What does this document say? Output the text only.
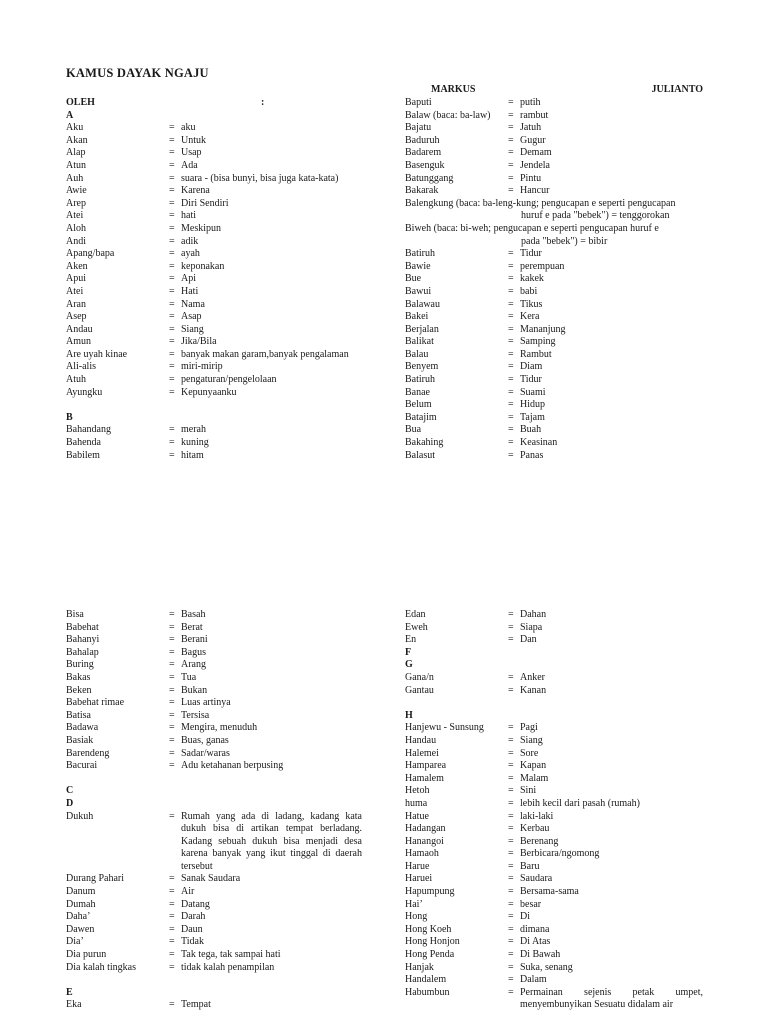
KAMUS DAYAK NGAJU
OLEH	:
A
Aku	= aku
Akan	= Untuk
Alap	= Usap
Atun	= Ada
Auh	= suara - (bisa bunyi, bisa juga kata-kata)
Awie	= Karena
Arep	= Diri Sendiri
Atei	= hati
Aloh	= Meskipun
Andi	= adik
Apang/bapa	= ayah
Aken	= keponakan
Apui	= Api
Atei	= Hati
Aran	= Nama
Asep	= Asap
Andau	= Siang
Amun	= Jika/Bila
Are uyah kinae	= banyak makan garam,banyak pengalaman
Ali-alis	= miri-mirip
Atuh	= pengaturan/pengelolaan
Ayungku	= Kepunyaanku
B
Bahandang	= merah
Bahenda	= kuning
Babilem	= hitam
MARKUS	JULIANTO
Baputi	= putih
Balaw (baca: ba-law)	= rambut
Bajatu	= Jatuh
Baduruh	= Gugur
Badarem	= Demam
Basenguk	= Jendela
Batunggang	= Pintu
Bakarak	= Hancur
Balengkung (baca: ba-leng-kung; pengucapan e seperti pengucapan
huruf e pada "bebek") = tenggorokan
Biweh (baca: bi-weh; pengucapan e seperti pengucapan huruf e
pada "bebek") = bibir
Batiruh	= Tidur
Bawie	= perempuan
Bue	= kakek
Bawui	= babi
Balawau	= Tikus
Bakei	= Kera
Berjalan	= Mananjung
Balikat	= Samping
Balau	= Rambut
Benyem	= Diam
Batiruh	= Tidur
Banae	= Suami
Belum	= Hidup
Batajim	= Tajam
Bua	= Buah
Bakahing	= Keasinan
Balasut	= Panas
Bisa	= Basah
Babehat	= Berat
Bahanyi	= Berani
Bahalap	= Bagus
Buring	= Arang
Bakas	= Tua
Beken	= Bukan
Babehat rimae	= Luas artinya
Batisa	= Tersisa
Badawa	= Mengira, menuduh
Basiak	= Buas, ganas
Barendeng	= Sadar/waras
Bacurai	= Adu ketahanan berpusing
C
D
Dukuh	= Rumah yang ada di ladang, kadang kata dukuh bisa di artikan tempat berladang. Kadang sebuah dukuh bisa menjadi desa karena banyak yang ikut tinggal di daerah tersebut
Durang Pahari	= Sanak Saudara
Danum	= Air
Dumah	= Datang
Daha’	= Darah
Dawen	= Daun
Dia’	= Tidak
Dia purun	= Tak tega, tak sampai hati
Dia kalah tingkas	= tidak kalah penampilan
E
Eka	= Tempat
Edan	= Dahan
Eweh	= Siapa
En	= Dan
F
G
Gana/n	= Anker
Gantau	= Kanan
H
Hanjewu - Sunsung	= Pagi
Handau	= Siang
Halemei	= Sore
Hamparea	= Kapan
Hamalem	= Malam
Hetoh	= Sini
huma	= lebih kecil dari pasah (rumah)
Hatue	= laki-laki
Hadangan	= Kerbau
Hanangoi	= Berenang
Hamaoh	= Berbicara/ngomong
Harue	= Baru
Haruei	= Saudara
Hapumpung	= Bersama-sama
Hai’	= besar
Hong	= Di
Hong Koeh	= dimana
Hong Honjon	= Di Atas
Hong Penda	= Di Bawah
Hanjak	= Suka, senang
Handalem	= Dalam
Habumbun	= Permainan sejenis petak umpet, menyembunyikan Sesuatu didalam air
